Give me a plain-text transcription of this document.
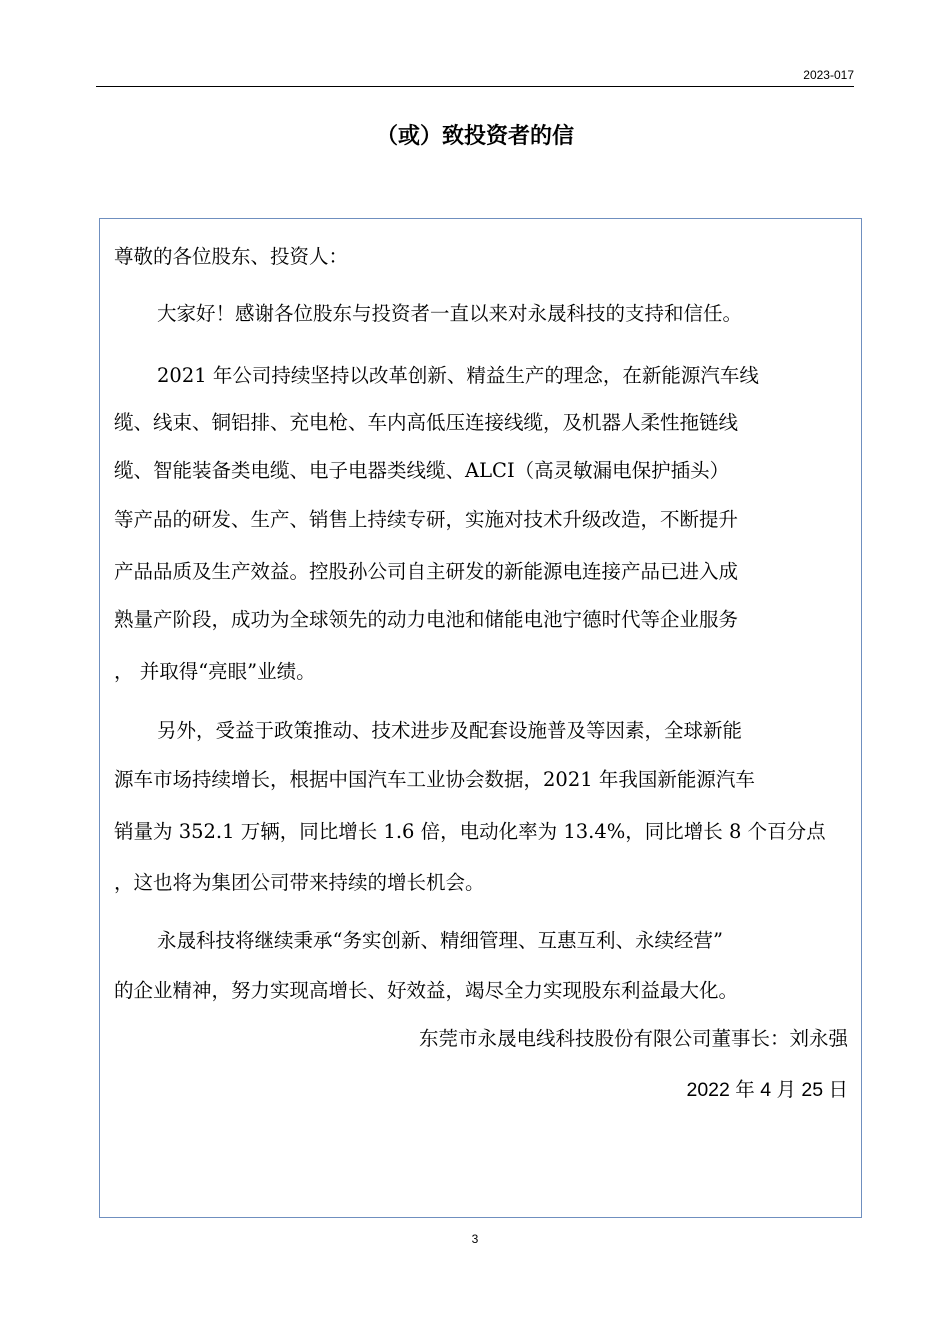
2023-017
（或）致投资者的信
尊敬的各位股东、投资人：
大家好！感谢各位股东与投资者一直以来对永晟科技的支持和信任。
2021 年公司持续坚持以改革创新、精益生产的理念，在新能源汽车线
缆、线束、铜铝排、充电枪、车内高低压连接线缆，及机器人柔性拖链线
缆、智能装备类电缆、电子电器类线缆、ALCI（高灵敏漏电保护插头）
等产品的研发、生产、销售上持续专研，实施对技术升级改造，不断提升
产品品质及生产效益。控股孙公司自主研发的新能源电连接产品已进入成
熟量产阶段，成功为全球领先的动力电池和储能电池宁德时代等企业服务
， 并取得“亮眼”业绩。
另外，受益于政策推动、技术进步及配套设施普及等因素，全球新能
源车市场持续增长，根据中国汽车工业协会数据，2021 年我国新能源汽车
销量为 352.1 万辆，同比增长 1.6 倍，电动化率为 13.4%，同比增长 8 个百分点
，这也将为集团公司带来持续的增长机会。
永晟科技将继续秉承“务实创新、精细管理、互惠互利、永续经营”
的企业精神，努力实现高增长、好效益，竭尽全力实现股东利益最大化。
东莞市永晟电线科技股份有限公司董事长：刘永强
2022 年 4 月 25 日
3
